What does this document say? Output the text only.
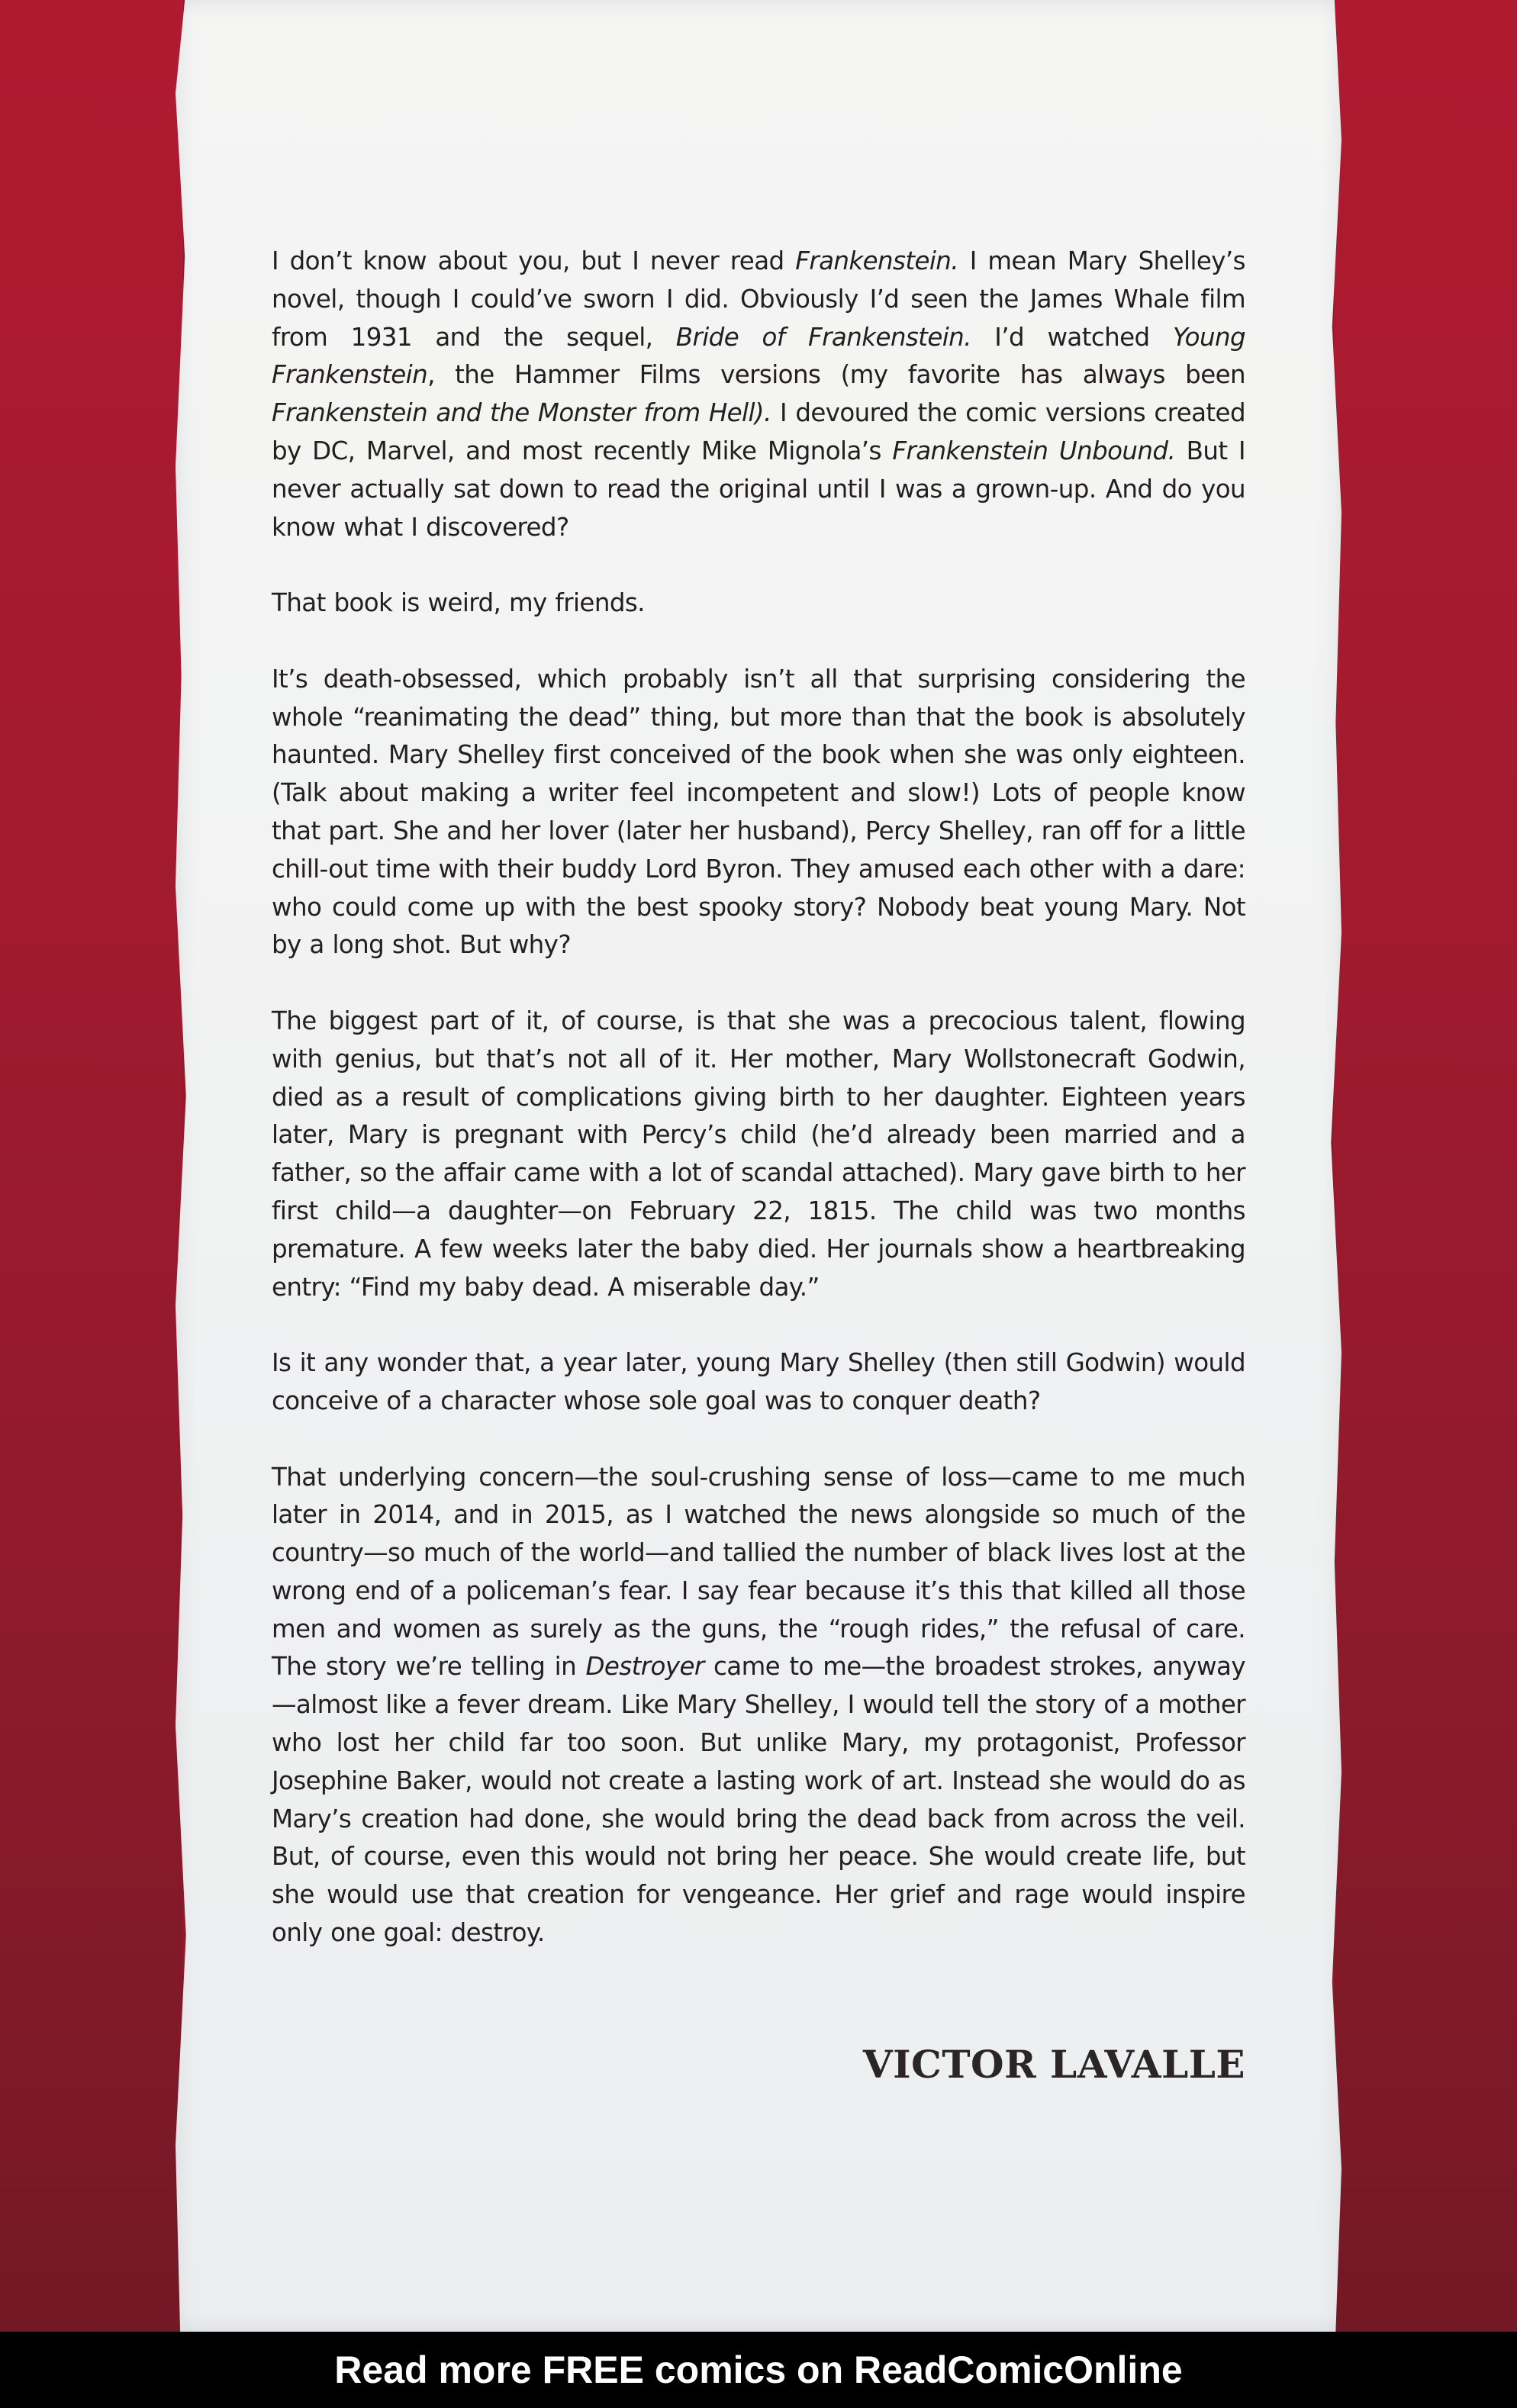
I don’t know about you, but I never read Frankenstein. I mean Mary Shelley’s novel, though I could’ve sworn I did. Obviously I’d seen the James Whale film from 1931 and the sequel, Bride of Frankenstein. I’d watched Young Frankenstein, the Hammer Films versions (my favorite has always been Frankenstein and the Monster from Hell). I devoured the comic versions created by DC, Marvel, and most recently Mike Mignola’s Frankenstein Unbound. But I never actually sat down to read the original until I was a grown-up. And do you know what I discovered?

That book is weird, my friends.

It’s death-obsessed, which probably isn’t all that surprising considering the whole “reanimating the dead” thing, but more than that the book is absolutely haunted. Mary Shelley first conceived of the book when she was only eighteen. (Talk about making a writer feel incompetent and slow!) Lots of people know that part. She and her lover (later her husband), Percy Shelley, ran off for a little chill-out time with their buddy Lord Byron. They amused each other with a dare: who could come up with the best spooky story? Nobody beat young Mary. Not by a long shot. But why?

The biggest part of it, of course, is that she was a precocious talent, flowing with genius, but that’s not all of it. Her mother, Mary Wollstonecraft Godwin, died as a result of complications giving birth to her daughter. Eighteen years later, Mary is pregnant with Percy’s child (he’d already been married and a father, so the affair came with a lot of scandal attached). Mary gave birth to her first child—a daughter—on February 22, 1815. The child was two months premature. A few weeks later the baby died. Her journals show a heartbreaking entry: “Find my baby dead. A miserable day.”

Is it any wonder that, a year later, young Mary Shelley (then still Godwin) would conceive of a character whose sole goal was to conquer death?

That underlying concern—the soul-crushing sense of loss—came to me much later in 2014, and in 2015, as I watched the news alongside so much of the country—so much of the world—and tallied the number of black lives lost at the wrong end of a policeman’s fear. I say fear because it’s this that killed all those men and women as surely as the guns, the “rough rides,” the refusal of care. The story we’re telling in Destroyer came to me—the broadest strokes, anyway—almost like a fever dream. Like Mary Shelley, I would tell the story of a mother who lost her child far too soon. But unlike Mary, my protagonist, Professor Josephine Baker, would not create a lasting work of art. Instead she would do as Mary’s creation had done, she would bring the dead back from across the veil. But, of course, even this would not bring her peace. She would create life, but she would use that creation for vengeance. Her grief and rage would inspire only one goal: destroy.

VICTOR LAVALLE
Read more FREE comics on ReadComicOnline
